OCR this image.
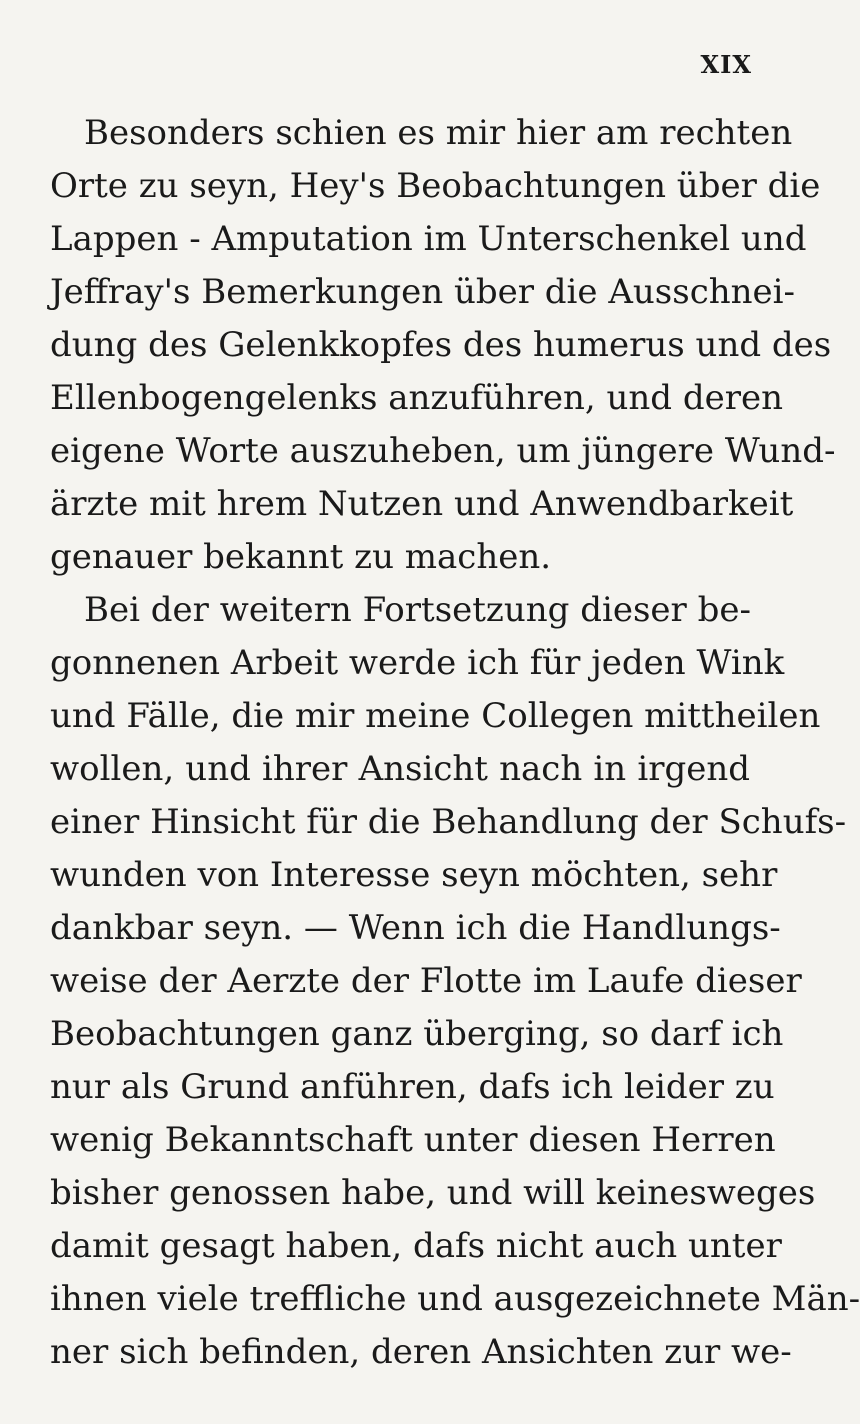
XIX
Besonders schien es mir hier am rechten
Orte zu seyn, Hey's Beobachtungen über die
Lappen - Amputation im Unterschenkel und
Jeffray's Bemerkungen über die Ausschnei-
dung des Gelenkkopfes des humerus und des
Ellenbogengelenks anzuführen, und deren
eigene Worte auszuheben, um jüngere Wund-
ärzte mit hrem Nutzen und Anwendbarkeit
genauer bekannt zu machen.
Bei der weitern Fortsetzung dieser be-
gonnenen Arbeit werde ich für jeden Wink
und Fälle, die mir meine Collegen mittheilen
wollen, und ihrer Ansicht nach in irgend
einer Hinsicht für die Behandlung der Schufs-
wunden von Interesse seyn möchten, sehr
dankbar seyn. — Wenn ich die Handlungs-
weise der Aerzte der Flotte im Laufe dieser
Beobachtungen ganz überging, so darf ich
nur als Grund anführen, dafs ich leider zu
wenig Bekanntschaft unter diesen Herren
bisher genossen habe, und will keinesweges
damit gesagt haben, dafs nicht auch unter
ihnen viele treffliche und ausgezeichnete Män-
ner sich befinden, deren Ansichten zur we-
